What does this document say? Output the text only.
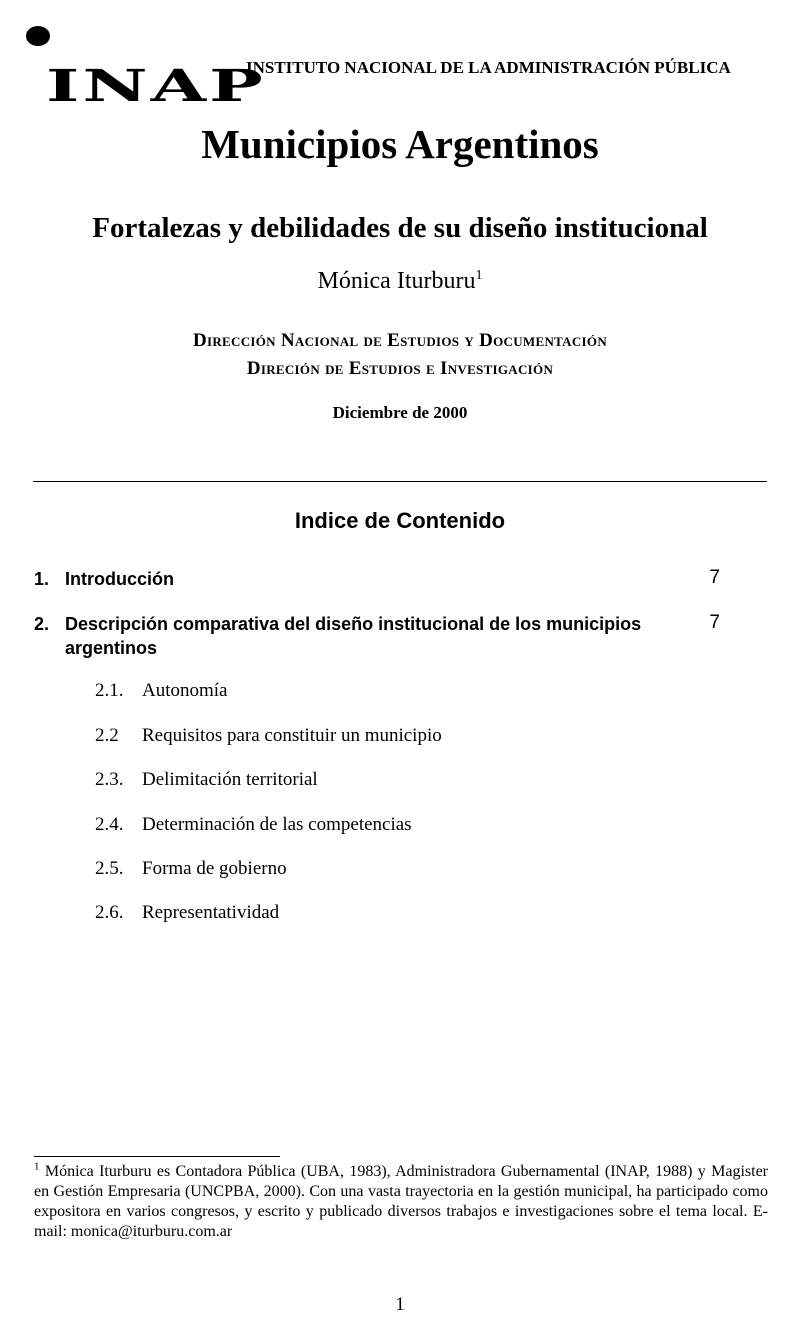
INAP
INSTITUTO NACIONAL DE LA ADMINISTRACIÓN PÚBLICA
Municipios Argentinos
Fortalezas y debilidades de su diseño institucional
Mónica Iturburu$^1$
Dirección Nacional de Estudios y Documentación
Direción de Estudios e Investigación
Diciembre de 2000
Indice de Contenido
1. Introducción	7
2. Descripción comparativa del diseño institucional de los municipios argentinos
7
2.1. Autonomía
2.2 Requisitos para constituir un municipio
2.3. Delimitación territorial
2.4. Determinación de las competencias
2.5. Forma de gobierno
2.6. Representatividad
$^1$ Mónica Iturburu es Contadora Pública (UBA, 1983), Administradora Gubernamental (INAP, 1988) y Magister en Gestión Empresaria (UNCPBA, 2000). Con una vasta trayectoria en la gestión municipal, ha participado como expositora en varios congresos, y escrito y publicado diversos trabajos e investigaciones sobre el tema local. E-mail: monica@iturburu.com.ar
1
